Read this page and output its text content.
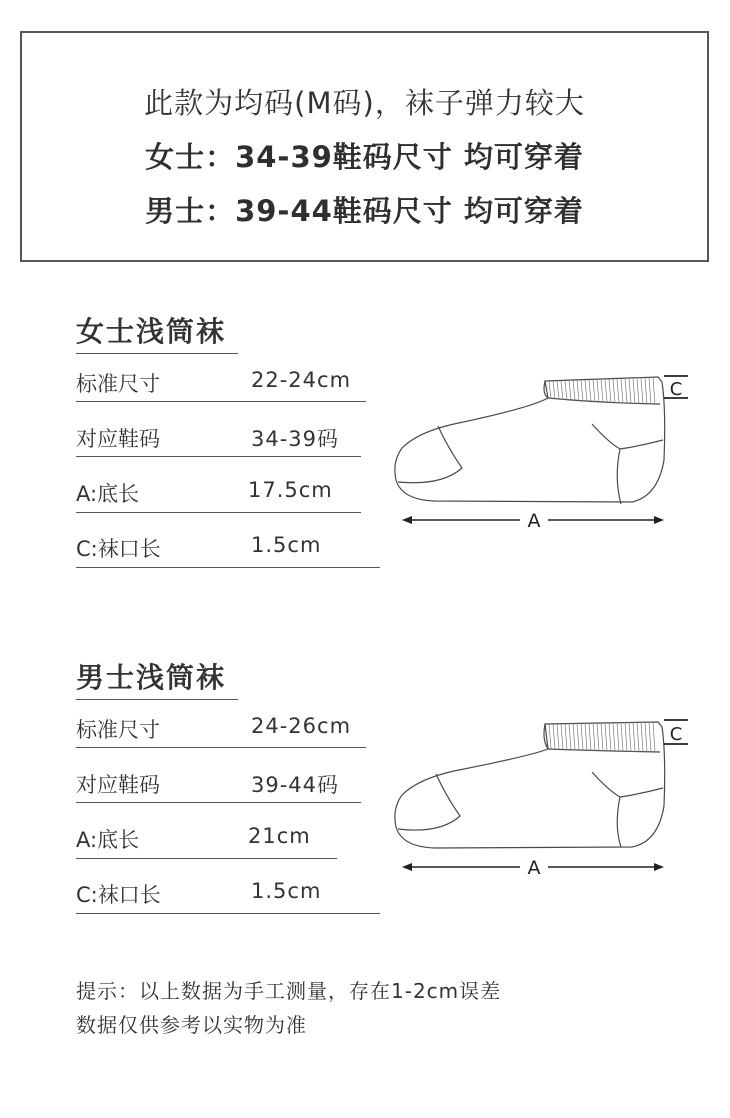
此款为均码(M码)，袜子弹力较大
女士：34-39鞋码尺寸 均可穿着
男士：39-44鞋码尺寸 均可穿着
女士浅筒袜
标准尺寸	22-24cm
对应鞋码	34-39码
A:底长	17.5cm
C:袜口长	1.5cm
C
A
男士浅筒袜
标准尺寸	24-26cm
对应鞋码	39-44码
A:底长	21cm
C:袜口长	1.5cm
C
A
提示：以上数据为手工测量，存在1-2cm误差
数据仅供参考以实物为准
